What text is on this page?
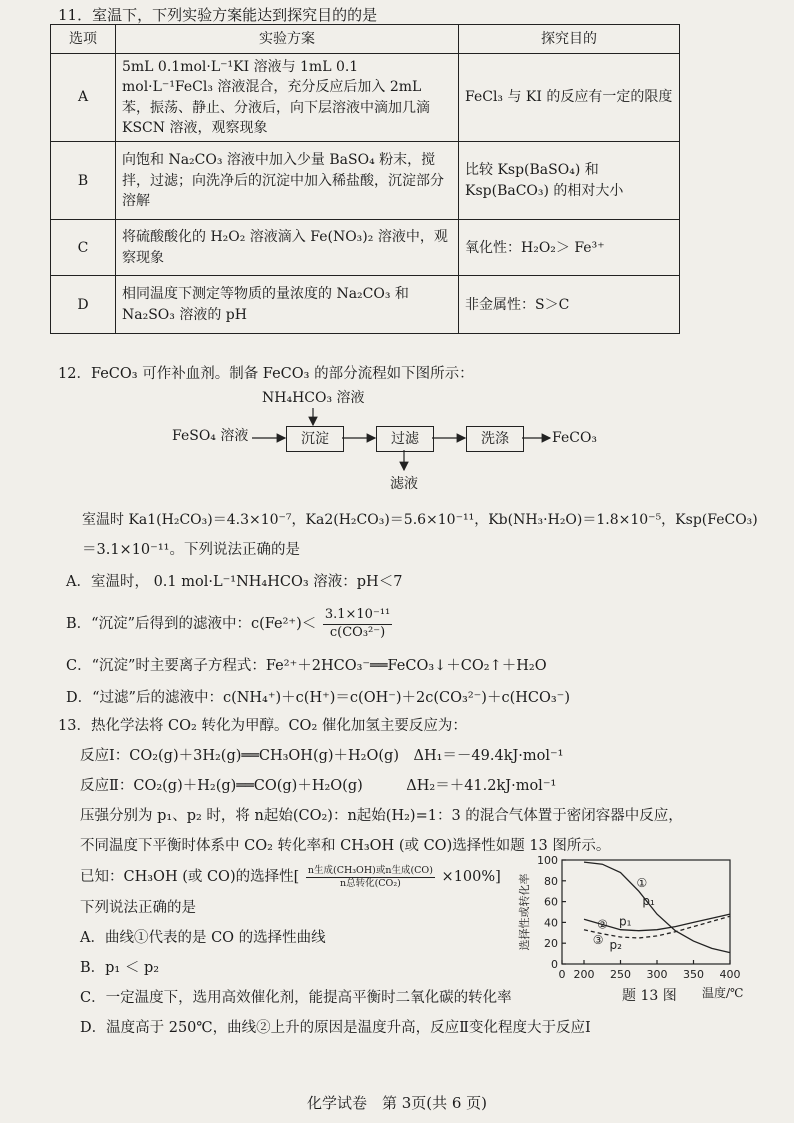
11．室温下，下列实验方案能达到探究目的的是
选项	实验方案	探究目的
A	5mL 0.1mol·L⁻¹KI 溶液与 1mL 0.1 mol·L⁻¹FeCl₃ 溶液混合，充分反应后加入 2mL 苯，振荡、静止、分液后，向下层溶液中滴加几滴 KSCN 溶液，观察现象	FeCl₃ 与 KI 的反应有一定的限度
B	向饱和 Na₂CO₃ 溶液中加入少量 BaSO₄ 粉末，搅拌，过滤；向洗净后的沉淀中加入稀盐酸，沉淀部分溶解	比较 Ksp(BaSO₄) 和 Ksp(BaCO₃) 的相对大小
C	将硫酸酸化的 H₂O₂ 溶液滴入 Fe(NO₃)₂ 溶液中，观察现象	氧化性：H₂O₂＞ Fe³⁺
D	相同温度下测定等物质的量浓度的 Na₂CO₃ 和 Na₂SO₃ 溶液的 pH	非金属性：S＞C
12．FeCO₃ 可作补血剂。制备 FeCO₃ 的部分流程如下图所示：
NH₄HCO₃ 溶液
FeSO₄ 溶液	沉淀	过滤	洗涤	FeCO₃
滤液
室温时 Ka1(H₂CO₃)＝4.3×10⁻⁷，Ka2(H₂CO₃)＝5.6×10⁻¹¹，Kb(NH₃·H₂O)＝1.8×10⁻⁵，Ksp(FeCO₃)
＝3.1×10⁻¹¹。下列说法正确的是
A．室温时， 0.1 mol·L⁻¹NH₄HCO₃ 溶液：pH＜7
B．“沉淀”后得到的滤液中：$c(Fe^{2+})< \frac{\text{3.1×10⁻¹¹}}{\text{c(CO₃²⁻)}}$
C．“沉淀”时主要离子方程式：Fe²⁺＋2HCO₃⁻══FeCO₃↓＋CO₂↑＋H₂O
D．“过滤”后的滤液中：c(NH₄⁺)＋c(H⁺)＝c(OH⁻)＋2c(CO₃²⁻)＋c(HCO₃⁻)
13．热化学法将 CO₂ 转化为甲醇。CO₂ 催化加氢主要反应为：
反应Ⅰ：CO₂(g)＋3H₂(g)══CH₃OH(g)＋H₂O(g)　ΔH₁＝－49.4kJ·mol⁻¹
反应Ⅱ：CO₂(g)＋H₂(g)══CO(g)＋H₂O(g)　　　ΔH₂＝＋41.2kJ·mol⁻¹
压强分别为 p₁、p₂ 时，将 n起始(CO₂)：n起始(H₂)=1：3 的混合气体置于密闭容器中反应，
不同温度下平衡时体系中 CO₂ 转化率和 CH₃OH (或 CO)选择性如题 13 图所示。
已知：CH₃OH (或 CO)的选择性[ $\frac{\text{n生成(CH₃OH)或n生成(CO)}}{\text{n总转化(CO₂)}} \times 100\%$]
下列说法正确的是
A．曲线①代表的是 CO 的选择性曲线
B．p₁ ＜ p₂
C．一定温度下，选用高效催化剂，能提高平衡时二氧化碳的转化率
D．温度高于 250℃，曲线②上升的原因是温度升高，反应Ⅱ变化程度大于反应Ⅰ
0
20
40
60
80
100
0 200 250 300 350 400
①
p₁
② p₁
③ p₂
选择性或转化率
温度/℃
题 13 图
化学试卷　第 3页(共 6 页)
